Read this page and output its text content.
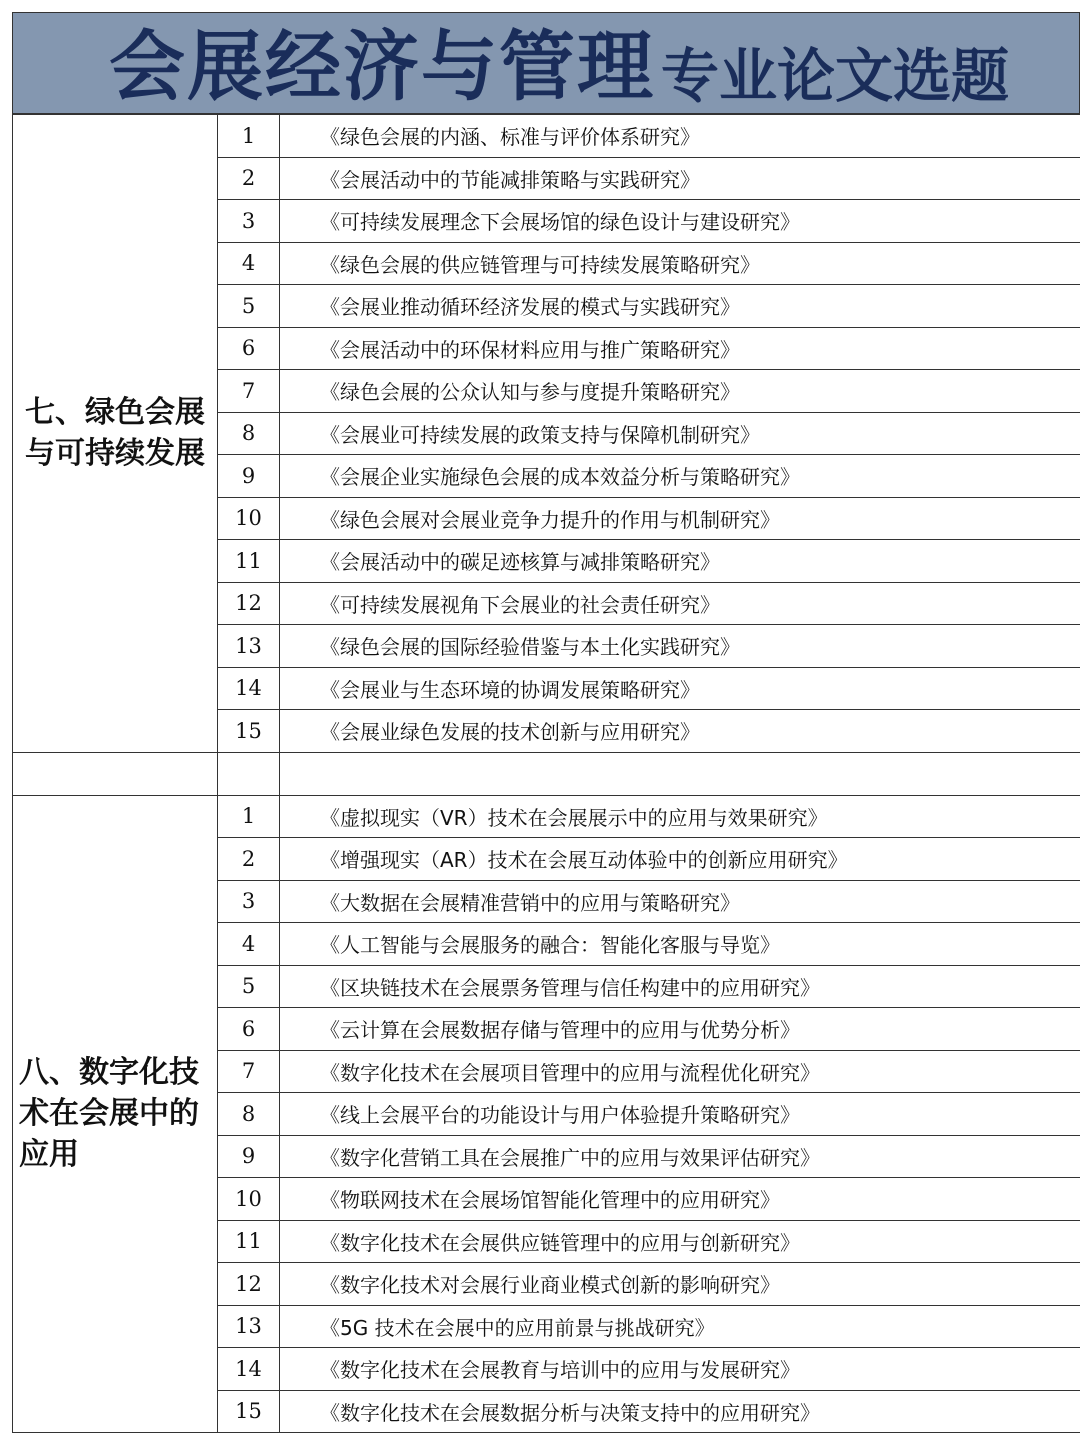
会展经济与管理 专业论文选题
七、绿色会展与可持续发展	1	《绿色会展的内涵、标准与评价体系研究》
	2	《会展活动中的节能减排策略与实践研究》
	3	《可持续发展理念下会展场馆的绿色设计与建设研究》
	4	《绿色会展的供应链管理与可持续发展策略研究》
	5	《会展业推动循环经济发展的模式与实践研究》
	6	《会展活动中的环保材料应用与推广策略研究》
	7	《绿色会展的公众认知与参与度提升策略研究》
	8	《会展业可持续发展的政策支持与保障机制研究》
	9	《会展企业实施绿色会展的成本效益分析与策略研究》
	10	《绿色会展对会展业竞争力提升的作用与机制研究》
	11	《会展活动中的碳足迹核算与减排策略研究》
	12	《可持续发展视角下会展业的社会责任研究》
	13	《绿色会展的国际经验借鉴与本土化实践研究》
	14	《会展业与生态环境的协调发展策略研究》
	15	《会展业绿色发展的技术创新与应用研究》

八、数字化技术在会展中的应用	1	《虚拟现实（VR）技术在会展展示中的应用与效果研究》
	2	《增强现实（AR）技术在会展互动体验中的创新应用研究》
	3	《大数据在会展精准营销中的应用与策略研究》
	4	《人工智能与会展服务的融合：智能化客服与导览》
	5	《区块链技术在会展票务管理与信任构建中的应用研究》
	6	《云计算在会展数据存储与管理中的应用与优势分析》
	7	《数字化技术在会展项目管理中的应用与流程优化研究》
	8	《线上会展平台的功能设计与用户体验提升策略研究》
	9	《数字化营销工具在会展推广中的应用与效果评估研究》
	10	《物联网技术在会展场馆智能化管理中的应用研究》
	11	《数字化技术在会展供应链管理中的应用与创新研究》
	12	《数字化技术对会展行业商业模式创新的影响研究》
	13	《5G 技术在会展中的应用前景与挑战研究》
	14	《数字化技术在会展教育与培训中的应用与发展研究》
	15	《数字化技术在会展数据分析与决策支持中的应用研究》
